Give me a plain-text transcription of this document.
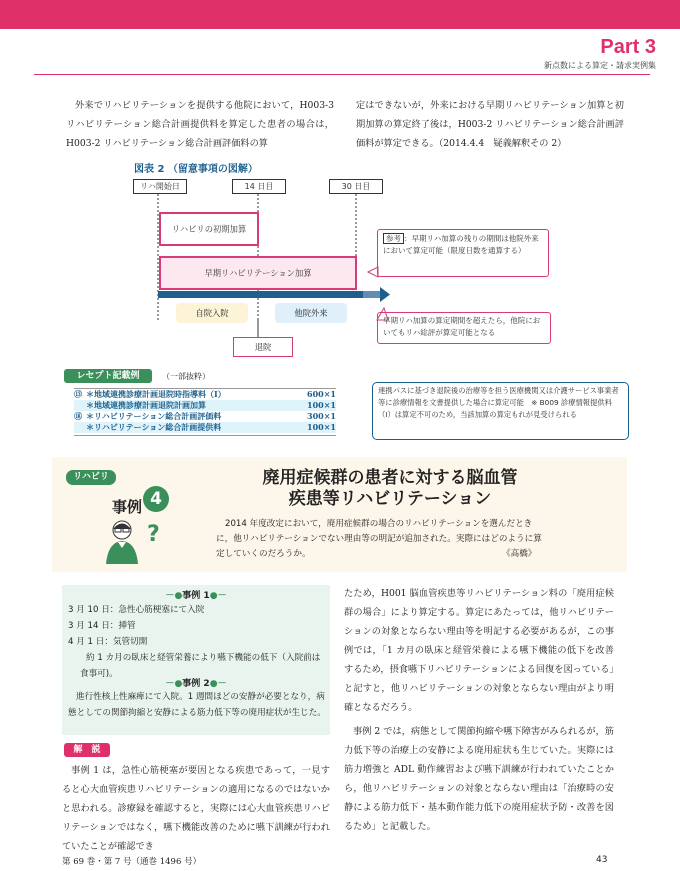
Part 3
新点数による算定・請求実例集
外来でリハビリテーションを提供する他院において，H003-3 リハビリテーション総合計画提供料を算定した患者の場合は，H003-2 リハビリテーション総合計画評価料の算
定はできないが，外来における早期リハビリテーション加算と初期加算の算定終了後は，H003-2 リハビリテーション総合計画評価料が算定できる。（2014.4.4　疑義解釈その 2）
図表 2 （留意事項の図解）
リハ開始日	14 日目	30 日目
リハビリの初期加算
早期リハビリテーション加算
参考 ：早期リハ加算の残りの期間は他院外来において算定可能（限度日数を通算する）
早期リハ加算の算定期間を超えたら，他院においてもリハ総評が算定可能となる
自院入院	他院外来
退院
レセプト記載例	（一部抜粋）
⑬ ＊地域連携診療計画退院時指導料（Ⅰ）	600×1
＊地域連携診療計画退院計画加算	100×1
⑱ ＊リハビリテーション総合計画評価料	300×1
＊リハビリテーション総合計画提供料	100×1
連携パスに基づき退院後の治療等を担う医療機関又は介護サービス事業者等に診療情報を文書提供した場合に算定可能　※ B009 診療情報提供料（Ⅰ）は算定不可のため，当該加算の算定もれが見受けられる
リハビリ
事例 4
廃用症候群の患者に対する脳血管
疾患等リハビリテーション
?	2014 年度改定において，廃用症候群の場合のリハビリテーションを選んだときに，他リハビリテーションでない理由等の明記が追加された。実際にはどのように算定していくのだろうか。	《高橋》
－●事例 1●－
3 月 10 日：急性心筋梗塞にて入院
3 月 14 日：挿管
4 月 1 日：気管切開
約 1 カ月の臥床と経管栄養により嚥下機能の低下（入院前は食事可)。
－●事例 2●－
進行性核上性麻痺にて入院。1 週間ほどの安静が必要となり，病態としての関節拘縮と安静による筋力低下等の廃用症状が生じた。
解　説
事例 1 は，急性心筋梗塞が要因となる疾患であって，一見すると心大血管疾患リハビリテーションの適用になるのではないかと思われる。診療録を確認すると，実際には心大血管疾患リハビリテーションではなく，嚥下機能改善のために嚥下訓練が行われていたことが確認でき
たため，H001 脳血管疾患等リハビリテーション料の「廃用症候群の場合」により算定する。算定にあたっては，他リハビリテーションの対象とならない理由等を明記する必要があるが，この事例では，「1 カ月の臥床と経管栄養による嚥下機能の低下を改善するため，摂食嚥下リハビリテーションによる回復を図っている」と記すと，他リハビリテーションの対象とならない理由がより明確となるだろう。
事例 2 では，病態として関節拘縮や嚥下障害がみられるが，筋力低下等の治療上の安静による廃用症状も生じていた。実際には筋力増強と ADL 動作練習および嚥下訓練が行われていたことから，他リハビリテーションの対象とならない理由は「治療時の安静による筋力低下・基本動作能力低下の廃用症状予防・改善を図るため」と記載した。
第 69 巻・第 7 号（通巻 1496 号）	43
